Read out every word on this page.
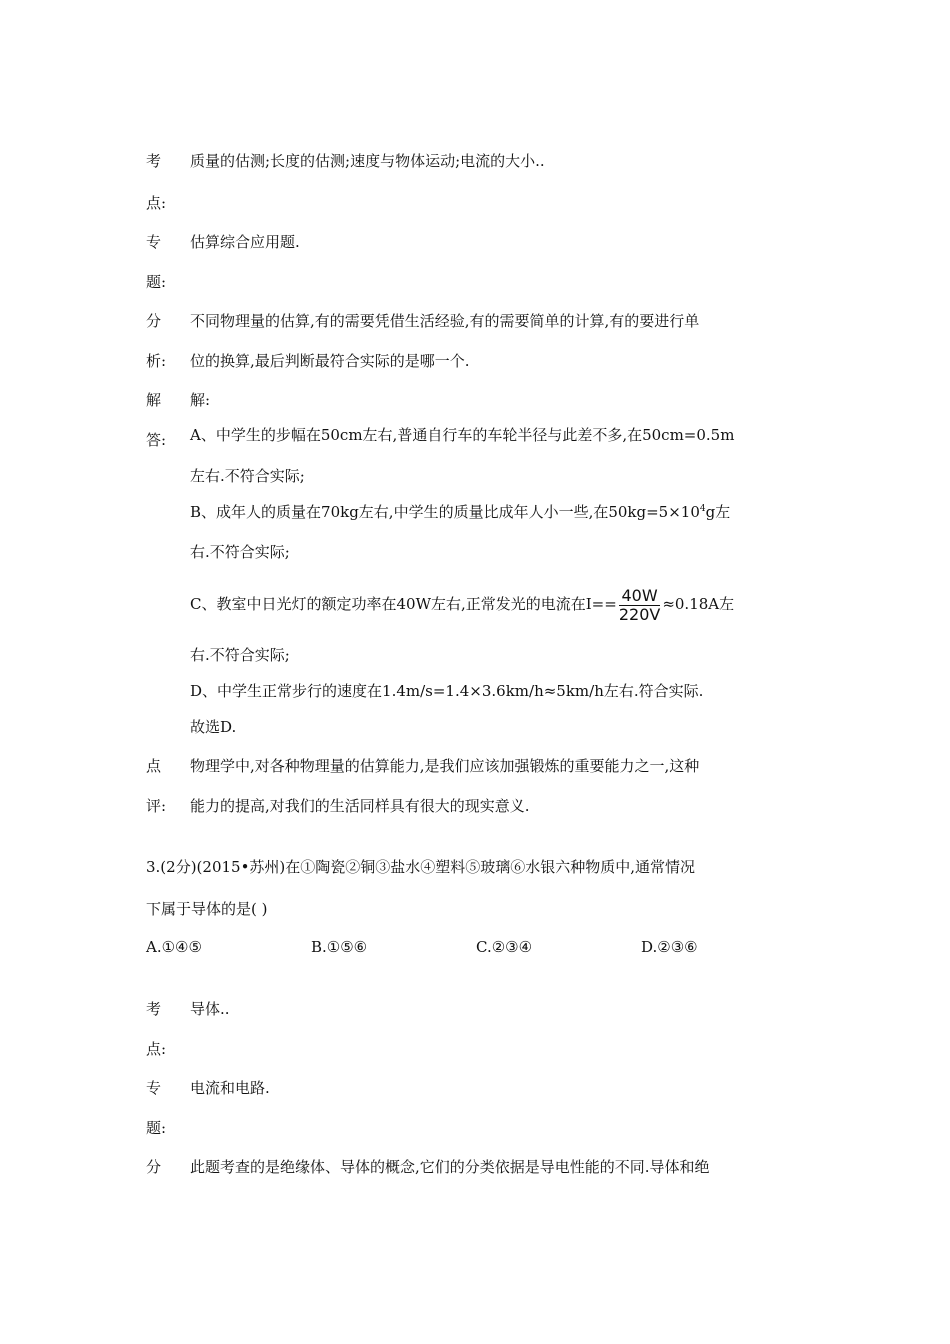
考 质量的估测;长度的估测;速度与物体运动;电流的大小..
点:
专 估算综合应用题.
题:
分 不同物理量的估算,有的需要凭借生活经验,有的需要简单的计算,有的要进行单
析: 位的换算,最后判断最符合实际的是哪一个.
解 解:
答: A、中学生的步幅在50cm左右,普通自行车的车轮半径与此差不多,在50cm=0.5m
左右.不符合实际;
B、成年人的质量在70kg左右,中学生的质量比成年人小一些,在$50kg=5\times 10^4g$左
右.不符合实际;
C、教室中日光灯的额定功率在40W左右,正常发光的电流在$I== \frac{40W}{220V} \approx 0.18A$左
右.不符合实际;
D、中学生正常步行的速度在1.4m/s=1.4×3.6km/h≈5km/h左右.符合实际.
故选D.
点 物理学中,对各种物理量的估算能力,是我们应该加强锻炼的重要能力之一,这种
评: 能力的提高,对我们的生活同样具有很大的现实意义.
3.(2分)(2015•苏州)在①陶瓷②铜③盐水④塑料⑤玻璃⑥水银六种物质中,通常情况
下属于导体的是( )
A.①④⑤	B.①⑤⑥	C.②③④	D.②③⑥
考 导体..
点:
专 电流和电路.
题:
分 此题考查的是绝缘体、导体的概念,它们的分类依据是导电性能的不同.导体和绝
